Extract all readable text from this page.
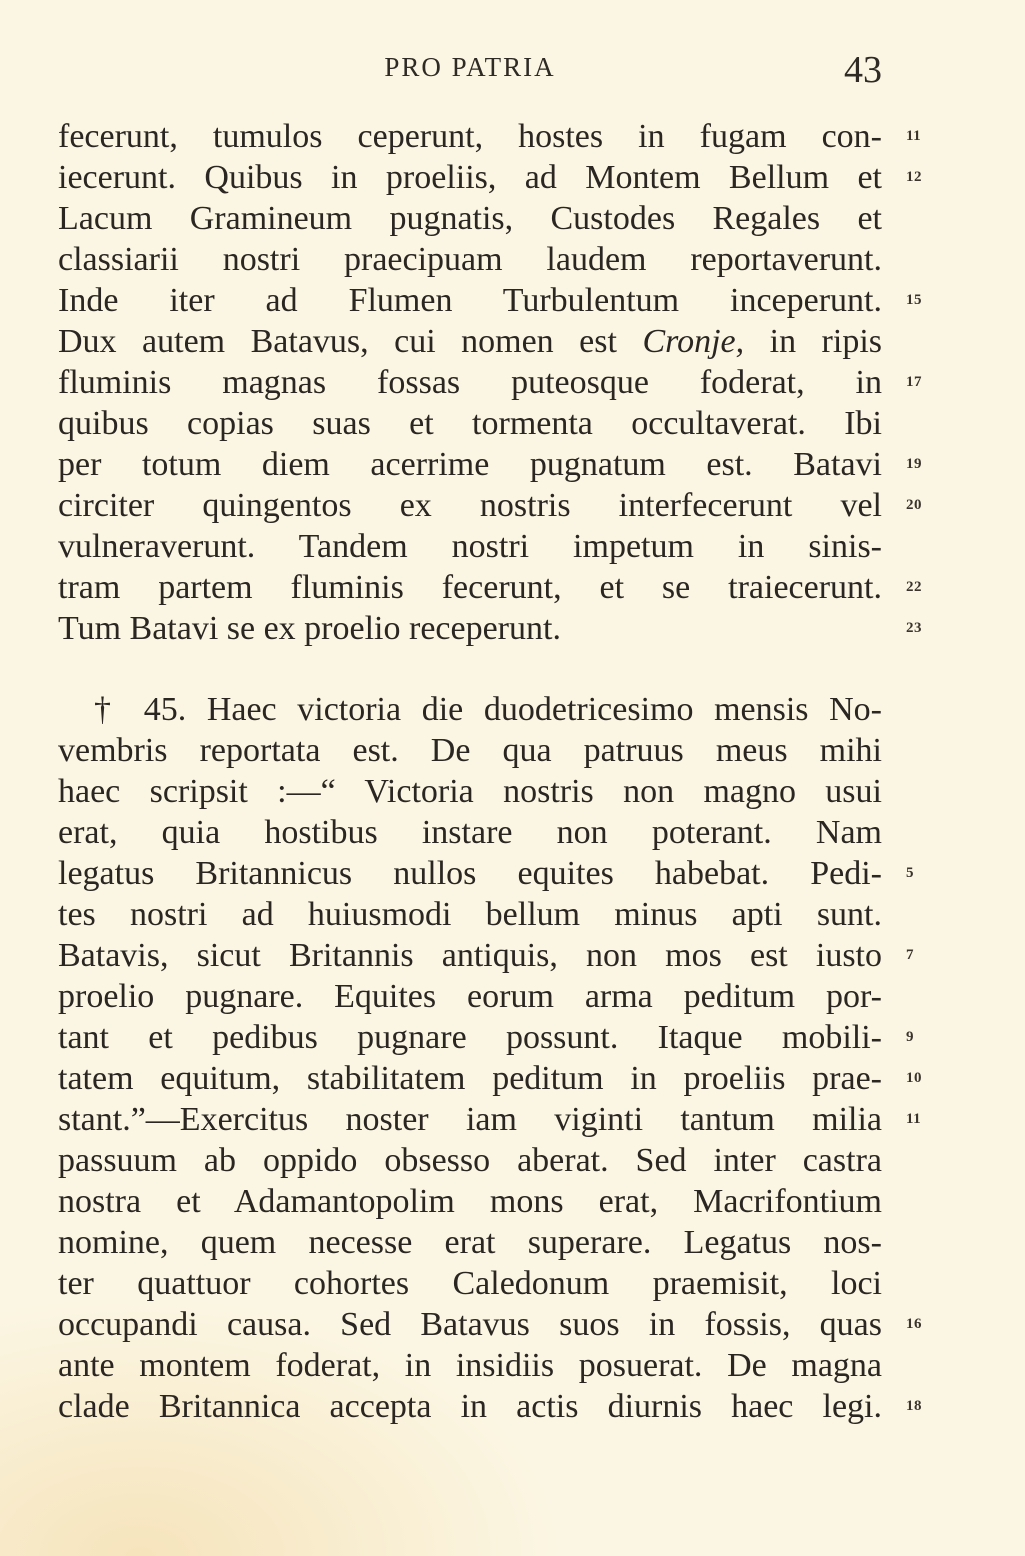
PRO PATRIA	43
fecerunt, tumulos ceperunt, hostes in fugam con- 11
iecerunt. Quibus in proeliis, ad Montem Bellum et 12
Lacum Gramineum pugnatis, Custodes Regales et
classiarii nostri praecipuam laudem reportaverunt.
Inde iter ad Flumen Turbulentum inceperunt. 15
Dux autem Batavus, cui nomen est Cronje, in ripis
fluminis magnas fossas puteosque foderat, in 17
quibus copias suas et tormenta occultaverat. Ibi
per totum diem acerrime pugnatum est. Batavi 19
circiter quingentos ex nostris interfecerunt vel 20
vulneraverunt. Tandem nostri impetum in sinis-
tram partem fluminis fecerunt, et se traiecerunt. 22
Tum Batavi se ex proelio receperunt.	23
† 45. Haec victoria die duodetricesimo mensis No-
vembris reportata est. De qua patruus meus mihi
haec scripsit :—“ Victoria nostris non magno usui
erat, quia hostibus instare non poterant. Nam
legatus Britannicus nullos equites habebat. Pedi- 5
tes nostri ad huiusmodi bellum minus apti sunt.
Batavis, sicut Britannis antiquis, non mos est iusto 7
proelio pugnare. Equites eorum arma peditum por-
tant et pedibus pugnare possunt. Itaque mobili- 9
tatem equitum, stabilitatem peditum in proeliis prae- 10
stant.”—Exercitus noster iam viginti tantum milia 11
passuum ab oppido obsesso aberat. Sed inter castra
nostra et Adamantopolim mons erat, Macrifontium
nomine, quem necesse erat superare. Legatus nos-
ter quattuor cohortes Caledonum praemisit, loci
occupandi causa. Sed Batavus suos in fossis, quas 16
ante montem foderat, in insidiis posuerat. De magna
clade Britannica accepta in actis diurnis haec legi. 18
